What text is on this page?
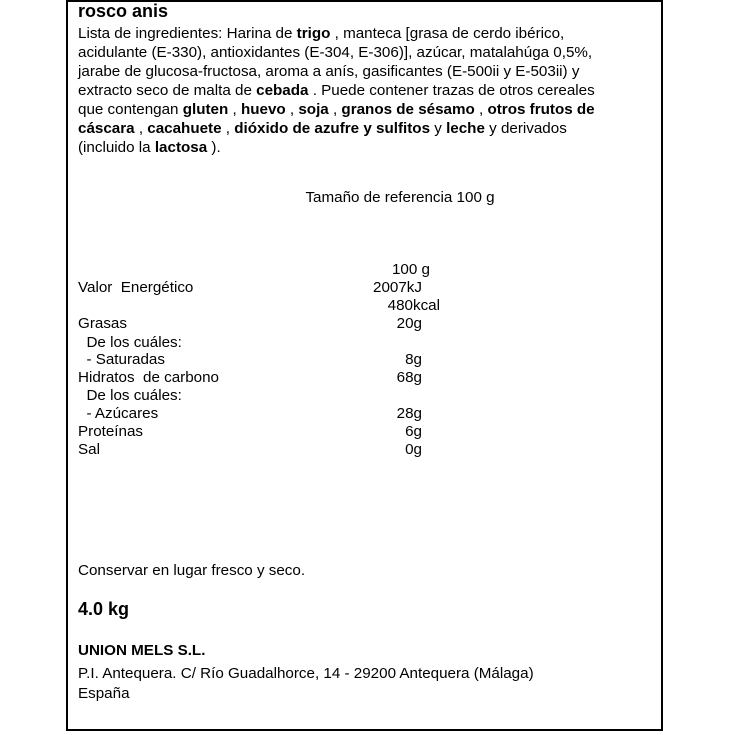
rosco anis
Lista de ingredientes: Harina de trigo , manteca [grasa de cerdo ibérico, acidulante (E-330), antioxidantes (E-304, E-306)], azúcar, matalahúga 0,5%, jarabe de glucosa-fructosa, aroma a anís, gasificantes (E-500ii y E-503ii) y extracto seco de malta de cebada . Puede contener trazas de otros cereales que contengan gluten , huevo , soja , granos de sésamo , otros frutos de cáscara , cacahuete , dióxido de azufre y sulfitos y leche y derivados (incluido la lactosa ).
Tamaño de referencia 100 g
100 g
Valor  Energético	2007kJ
480kcal
Grasas	20g
De los cuáles:
- Saturadas	8g
Hidratos  de carbono	68g
De los cuáles:
- Azúcares	28g
Proteínas	6g
Sal	0g
Conservar en lugar fresco y seco.
4.0 kg
UNION MELS S.L.
P.I. Antequera. C/ Río Guadalhorce, 14 - 29200 Antequera (Málaga)
España
